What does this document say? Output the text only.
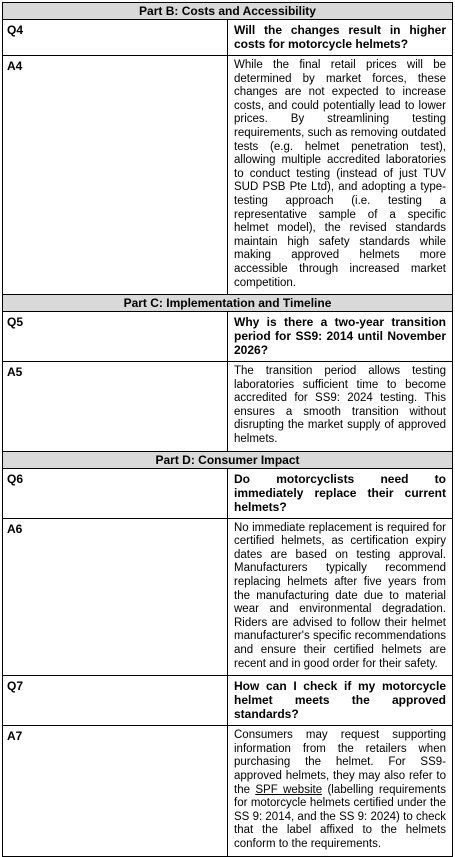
Part B: Costs and Accessibility	
Q4	Will the changes result in higher costs for motorcycle helmets?
A4	While the final retail prices will be determined by market forces, these changes are not expected to increase costs, and could potentially lead to lower prices. By streamlining testing requirements, such as removing outdated tests (e.g. helmet penetration test), allowing multiple accredited laboratories to conduct testing (instead of just TUV SUD PSB Pte Ltd), and adopting a type-testing approach (i.e. testing a representative sample of a specific helmet model), the revised standards maintain high safety standards while making approved helmets more accessible through increased market competition.
Part C: Implementation and Timeline	
Q5	Why is there a two-year transition period for SS9: 2014 until November 2026?
A5	The transition period allows testing laboratories sufficient time to become accredited for SS9: 2024 testing. This ensures a smooth transition without disrupting the market supply of approved helmets.
Part D: Consumer Impact	
Q6	Do motorcyclists need to immediately replace their current helmets?
A6	No immediate replacement is required for certified helmets, as certification expiry dates are based on testing approval. Manufacturers typically recommend replacing helmets after five years from the manufacturing date due to material wear and environmental degradation. Riders are advised to follow their helmet manufacturer's specific recommendations and ensure their certified helmets are recent and in good order for their safety.
Q7	How can I check if my motorcycle helmet meets the approved standards?
A7	Consumers may request supporting information from the retailers when purchasing the helmet. For SS9-approved helmets, they may also refer to the SPF website (labelling requirements for motorcycle helmets certified under the SS 9: 2014, and the SS 9: 2024) to check that the label affixed to the helmets conform to the requirements.
